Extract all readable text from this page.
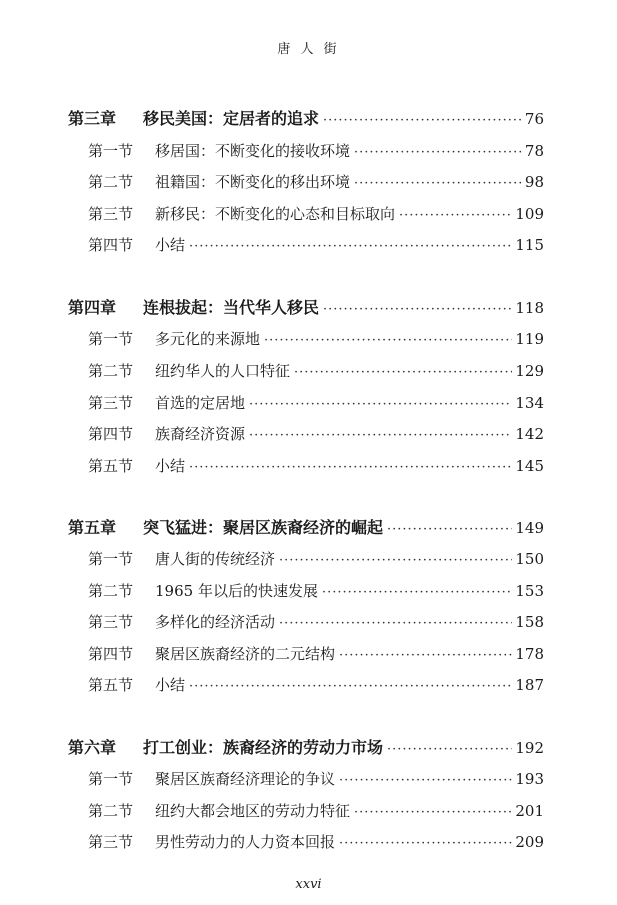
唐 人 街
第三章	移民美国：定居者的追求 ·····	76
第一节	移居国：不断变化的接收环境 ·····	78
第二节	祖籍国：不断变化的移出环境 ·····	98
第三节	新移民：不断变化的心态和目标取向 ·····	109
第四节	小结 ·····	115
第四章	连根拔起：当代华人移民 ·····	118
第一节	多元化的来源地 ·····	119
第二节	纽约华人的人口特征 ·····	129
第三节	首选的定居地 ·····	134
第四节	族裔经济资源 ·····	142
第五节	小结 ·····	145
第五章	突飞猛进：聚居区族裔经济的崛起 ·····	149
第一节	唐人街的传统经济 ·····	150
第二节	1965 年以后的快速发展 ·····	153
第三节	多样化的经济活动 ·····	158
第四节	聚居区族裔经济的二元结构 ·····	178
第五节	小结 ·····	187
第六章	打工创业：族裔经济的劳动力市场 ·····	192
第一节	聚居区族裔经济理论的争议 ·····	193
第二节	纽约大都会地区的劳动力特征 ·····	201
第三节	男性劳动力的人力资本回报 ·····	209
xxvi
